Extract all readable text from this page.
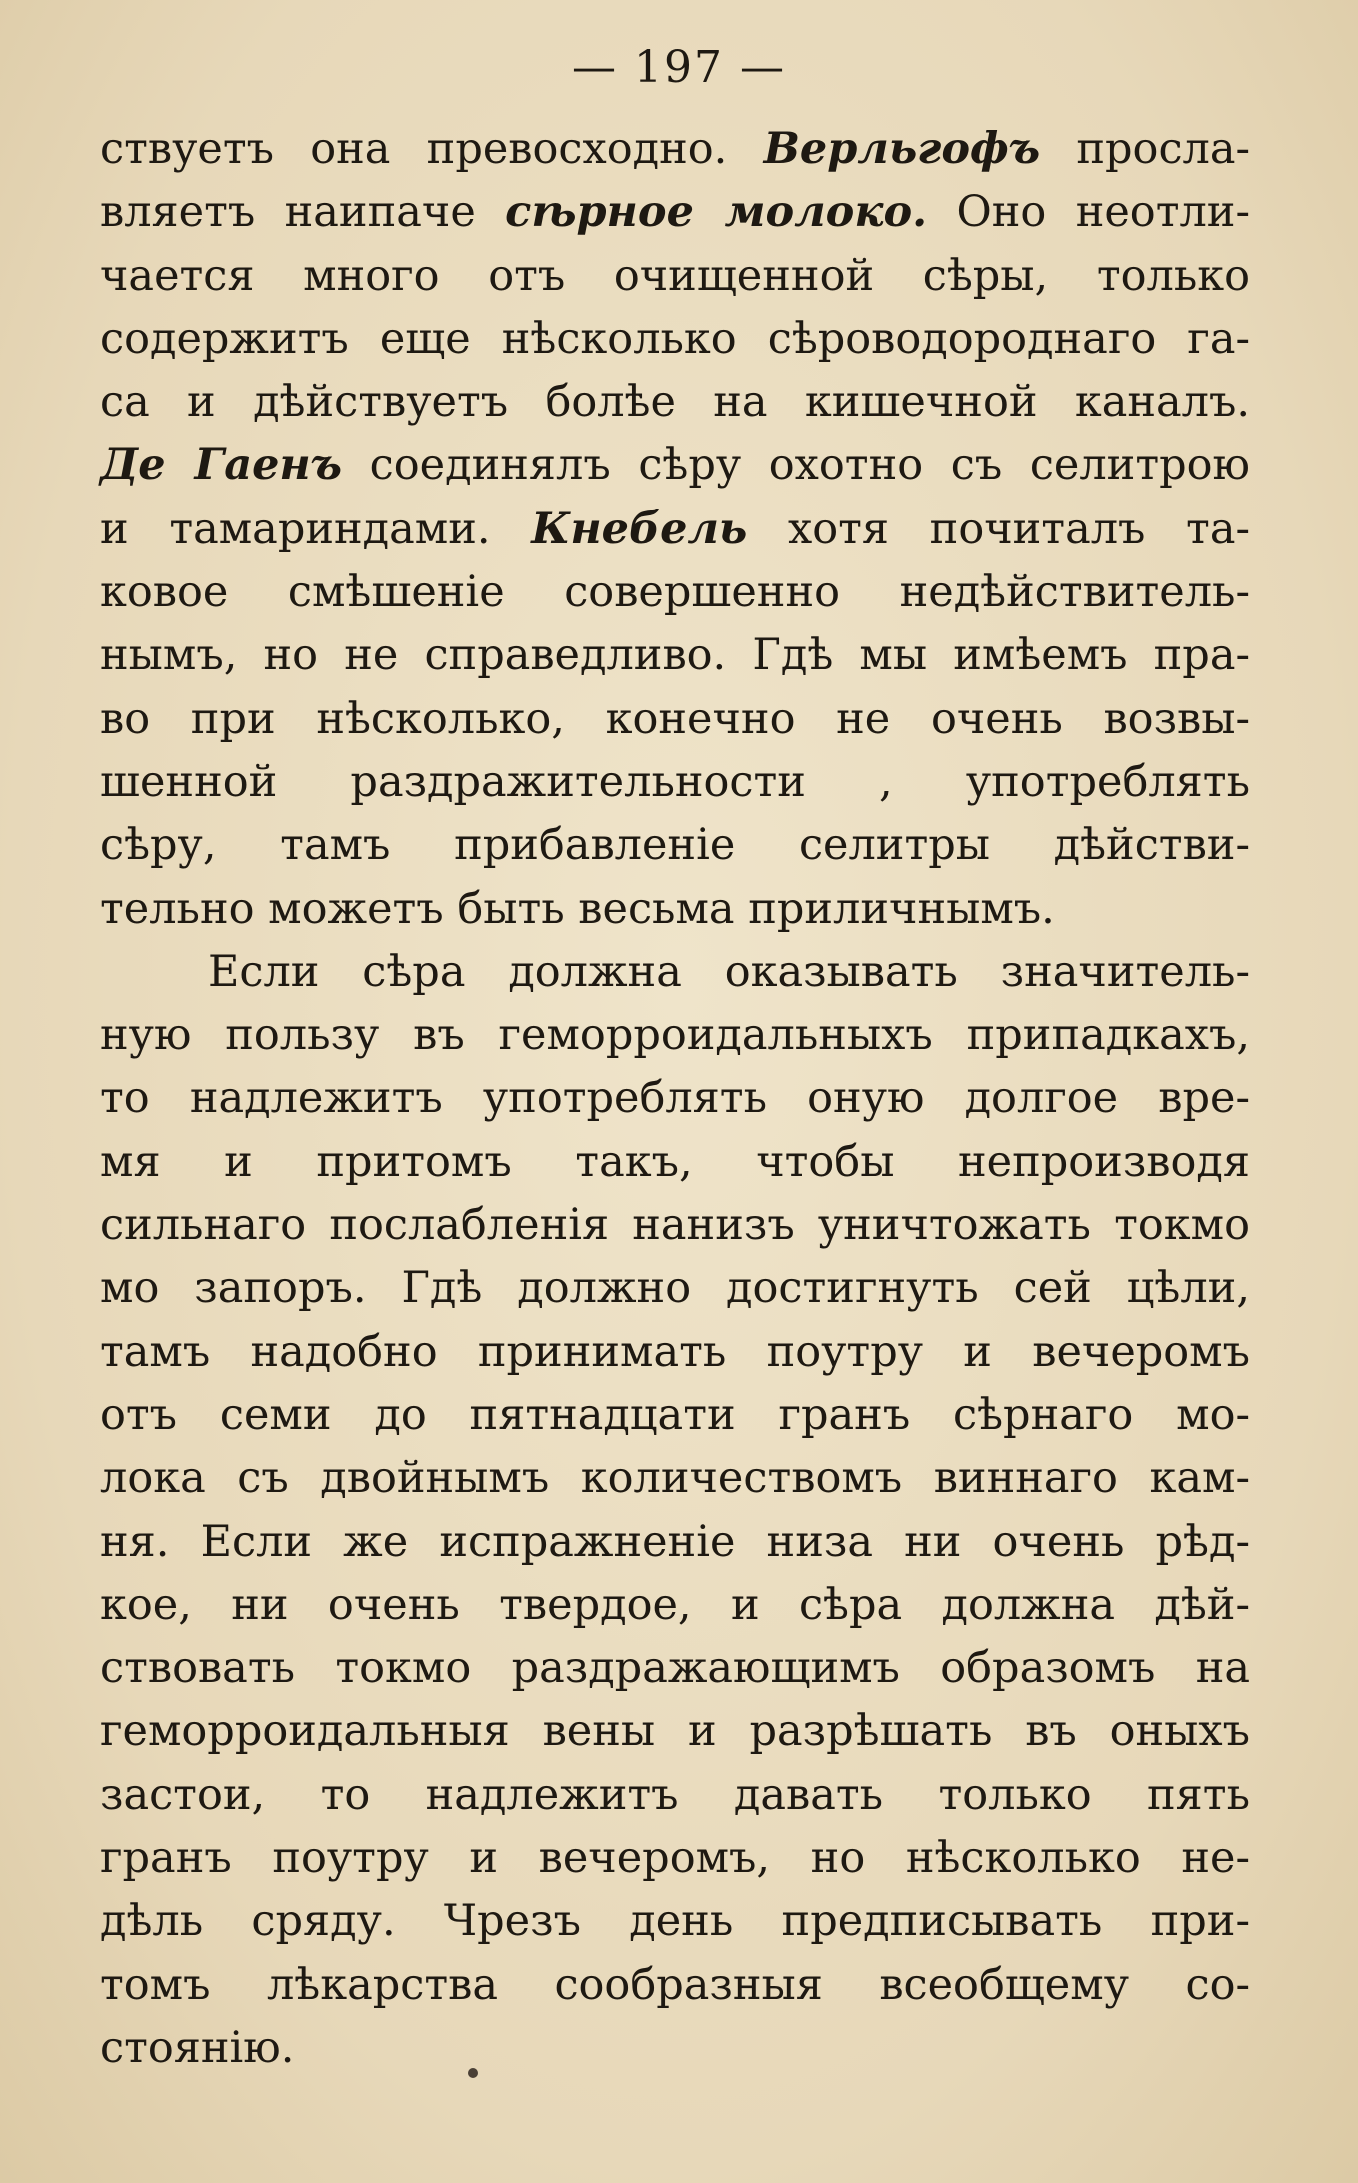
— 197 —
ствуетъ она превосходно. Верльгофъ прослa-
вляетъ наипаче сѣрное молоко. Оно неотли-
чается много отъ очищенной сѣры, только
содержитъ еще нѣсколько сѣроводороднаго га-
са и дѣйствуетъ болѣе на кишечной каналъ.
Де Гаенъ соединялъ сѣру охотно съ селитрою
и тамариндами. Кнебель хотя почиталъ та-
ковое смѣшеніе совершенно недѣйствитель-
нымъ, но не справедливо. Гдѣ мы имѣемъ пра-
во при нѣсколько, конечно не очень возвы-
шенной раздражительности , употреблять
сѣру, тамъ прибавленіе селитры дѣйстви-
тельно можетъ быть весьма приличнымъ.
Если сѣра должна оказывать значитель-
ную пользу въ геморроидальныхъ припадкахъ,
то надлежитъ употреблять оную долгое вре-
мя и притомъ такъ, чтобы непроизводя
сильнаго послабленія нанизъ уничтожать токмо
мо запоръ. Гдѣ должно достигнуть сей цѣли,
тамъ надобно принимать поутру и вечеромъ
отъ семи до пятнадцати гранъ сѣрнаго мо-
лока съ двойнымъ количествомъ виннаго кам-
ня. Если же испражненіе низа ни очень рѣд-
кое, ни очень твердое, и сѣра должна дѣй-
ствовать токмо раздражающимъ образомъ на
геморроидальныя вены и разрѣшать въ оныхъ
застои, то надлежитъ давать только пять
гранъ поутру и вечеромъ, но нѣсколько не-
дѣль сряду. Чрезъ день предписывать при-
томъ лѣкарства сообразныя всеобщему со-
стоянію.
